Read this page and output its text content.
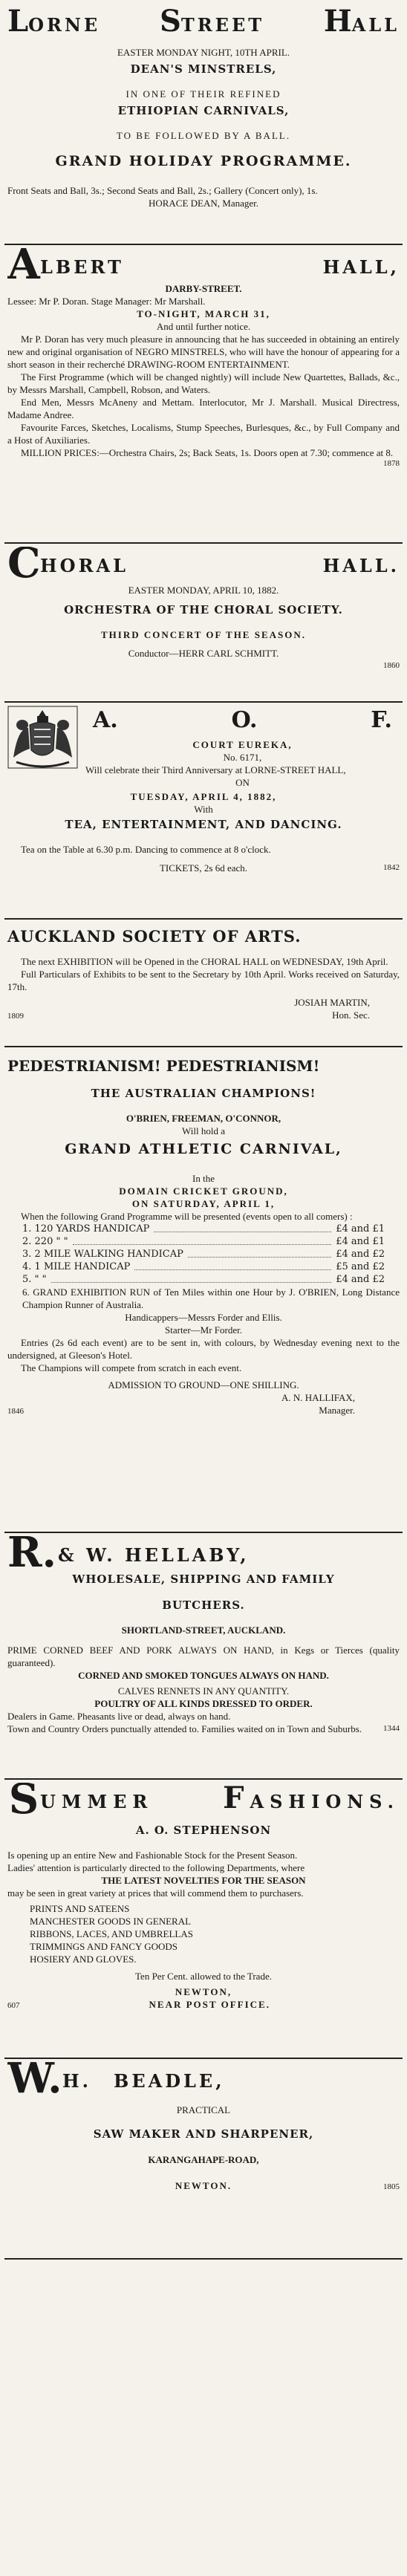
LORNE STREET HALL

EASTER MONDAY NIGHT, 10TH APRIL.

DEAN'S MINSTRELS,

IN ONE OF THEIR REFINED

ETHIOPIAN CARNIVALS,

TO BE FOLLOWED BY A BALL.

GRAND HOLIDAY PROGRAMME.

Front Seats and Ball, 3s.; Second Seats and Ball, 2s.; Gallery (Concert only), 1s.

HORACE DEAN, Manager.

A LBERT	HALL,

DARBY-STREET.

Lessee: Mr P. Doran. Stage Manager: Mr Marshall.

TO-NIGHT, MARCH 31,

And until further notice.

Mr P. Doran has very much pleasure in announcing that he has succeeded in obtaining an entirely new and original organisation of NEGRO MINSTRELS, who will have the honour of appearing for a short season in their recherché DRAWING-ROOM ENTERTAINMENT.

The First Programme (which will be changed nightly) will include New Quartettes, Ballads, &c., by Messrs Marshall, Campbell, Robson, and Waters.

End Men, Messrs McAneny and Mettam. Interlocutor, Mr J. Marshall. Musical Directress, Madame Andree.

Favourite Farces, Sketches, Localisms, Stump Speeches, Burlesques, &c., by Full Company and a Host of Auxiliaries.

MILLION PRICES:—Orchestra Chairs, 2s; Back Seats, 1s. Doors open at 7.30; commence at 8.

1878

C HORAL	HALL.

EASTER MONDAY, APRIL 10, 1882.

ORCHESTRA OF THE CHORAL SOCIETY.

THIRD CONCERT OF THE SEASON.

Conductor—HERR CARL SCHMITT.

1860

A.	O.	F.

COURT EUREKA,

No. 6171,

Will celebrate their Third Anniversary at LORNE-STREET HALL,

ON

TUESDAY, APRIL 4, 1882,

With

TEA, ENTERTAINMENT, AND DANCING.

Tea on the Table at 6.30 p.m. Dancing to commence at 8 o'clock.

TICKETS, 2s 6d each.	1842

AUCKLAND SOCIETY OF ARTS.

The next EXHIBITION will be Opened in the CHORAL HALL on WEDNESDAY, 19th April.

Full Particulars of Exhibits to be sent to the Secretary by 10th April. Works received on Saturday, 17th.

JOSIAH MARTIN,

1809	Hon. Sec.

PEDESTRIANISM! PEDESTRIANISM!

THE AUSTRALIAN CHAMPIONS!

O'BRIEN, FREEMAN, O'CONNOR,

Will hold a

GRAND ATHLETIC CARNIVAL,

In the

DOMAIN CRICKET GROUND,

ON SATURDAY, APRIL 1,

When the following Grand Programme will be presented (events open to all comers) :

1. 120 YARDS HANDICAP	£4 and £1
2. 220 " "	£4 and £1
3. 2 MILE WALKING HANDICAP	£4 and £2
4. 1 MILE HANDICAP	£5 and £2
5. " "	£4 and £2

6. GRAND EXHIBITION RUN of Ten Miles within one Hour by J. O'BRIEN, Long Distance Champion Runner of Australia.

Handicappers—Messrs Forder and Ellis.

Starter—Mr Forder.

Entries (2s 6d each event) are to be sent in, with colours, by Wednesday evening next to the undersigned, at Gleeson's Hotel.

The Champions will compete from scratch in each event.

ADMISSION TO GROUND—ONE SHILLING.

A. N. HALLIFAX,

1846	Manager.
R. & W. HELLABY,

WHOLESALE, SHIPPING AND FAMILY

BUTCHERS.

SHORTLAND-STREET, AUCKLAND.

PRIME CORNED BEEF AND PORK ALWAYS ON HAND, in Kegs or Tierces (quality guaranteed).

CORNED AND SMOKED TONGUES ALWAYS ON HAND.

CALVES RENNETS IN ANY QUANTITY.

POULTRY OF ALL KINDS DRESSED TO ORDER.

Dealers in Game. Pheasants live or dead, always on hand.

Town and Country Orders punctually attended to. Families waited on in Town and Suburbs.	1344

S UMMER FASHIONS.

A. O. STEPHENSON

Is opening up an entire New and Fashionable Stock for the Present Season.

Ladies' attention is particularly directed to the following Departments, where

THE LATEST NOVELTIES FOR THE SEASON

may be seen in great variety at prices that will commend them to purchasers.

PRINTS AND SATEENS

MANCHESTER GOODS IN GENERAL

RIBBONS, LACES, AND UMBRELLAS

TRIMMINGS AND FANCY GOODS

HOSIERY AND GLOVES.

Ten Per Cent. allowed to the Trade.

NEWTON,

607	NEAR POST OFFICE.
W. H. BEADLE,

PRACTICAL

SAW MAKER AND SHARPENER,

KARANGAHAPE-ROAD,

NEWTON.	1805
